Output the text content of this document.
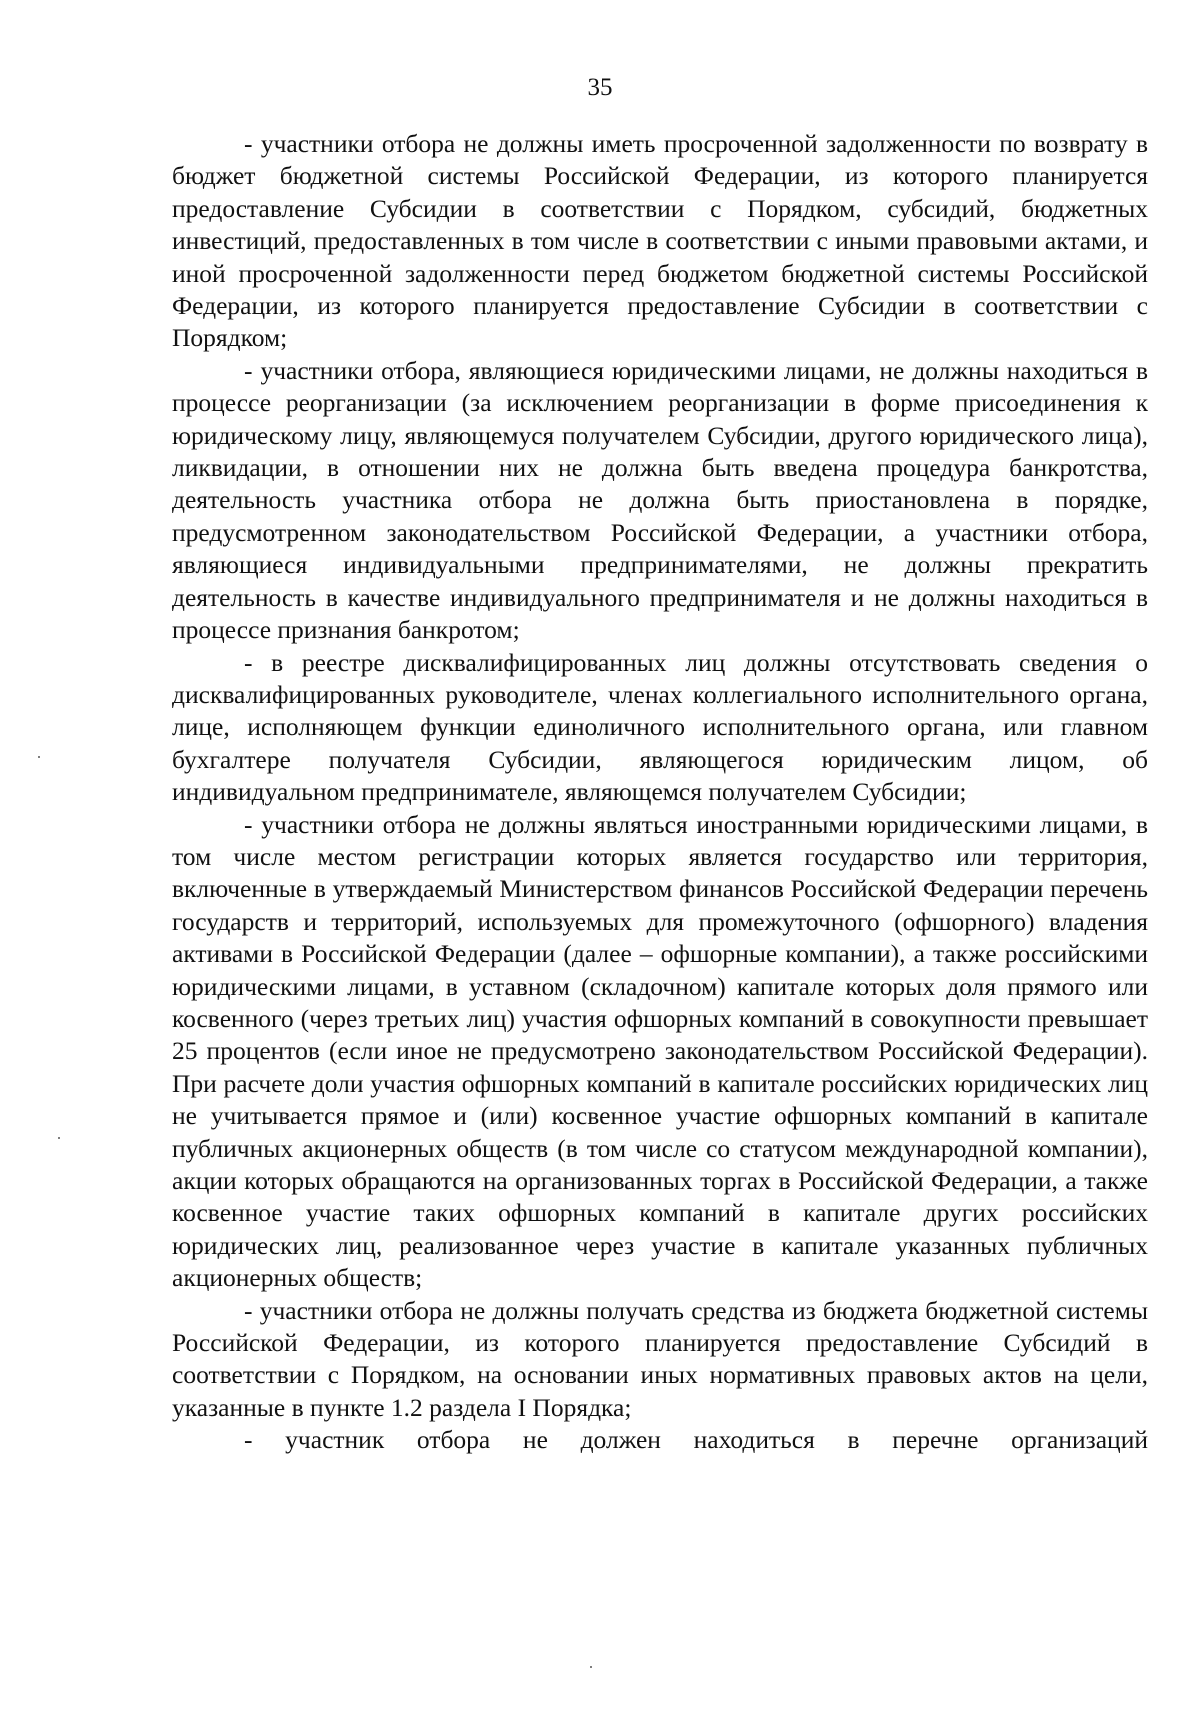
35

- участники отбора не должны иметь просроченной задолженности по возврату в бюджет бюджетной системы Российской Федерации, из которого планируется предоставление Субсидии в соответствии с Порядком, субсидий, бюджетных инвестиций, предоставленных в том числе в соответствии с иными правовыми актами, и иной просроченной задолженности перед бюджетом бюджетной системы Российской Федерации, из которого планируется предоставление Субсидии в соответствии с Порядком;

- участники отбора, являющиеся юридическими лицами, не должны находиться в процессе реорганизации (за исключением реорганизации в форме присоединения к юридическому лицу, являющемуся получателем Субсидии, другого юридического лица), ликвидации, в отношении них не должна быть введена процедура банкротства, деятельность участника отбора не должна быть приостановлена в порядке, предусмотренном законодательством Российской Федерации, а участники отбора, являющиеся индивидуальными предпринимателями, не должны прекратить деятельность в качестве индивидуального предпринимателя и не должны находиться в процессе признания банкротом;

- в реестре дисквалифицированных лиц должны отсутствовать сведения о дисквалифицированных руководителе, членах коллегиального исполнительного органа, лице, исполняющем функции единоличного исполнительного органа, или главном бухгалтере получателя Субсидии, являющегося юридическим лицом, об индивидуальном предпринимателе, являющемся получателем Субсидии;

- участники отбора не должны являться иностранными юридическими лицами, в том числе местом регистрации которых является государство или территория, включенные в утверждаемый Министерством финансов Российской Федерации перечень государств и территорий, используемых для промежуточного (офшорного) владения активами в Российской Федерации (далее – офшорные компании), а также российскими юридическими лицами, в уставном (складочном) капитале которых доля прямого или косвенного (через третьих лиц) участия офшорных компаний в совокупности превышает 25 процентов (если иное не предусмотрено законодательством Российской Федерации). При расчете доли участия офшорных компаний в капитале российских юридических лиц не учитывается прямое и (или) косвенное участие офшорных компаний в капитале публичных акционерных обществ (в том числе со статусом международной компании), акции которых обращаются на организованных торгах в Российской Федерации, а также косвенное участие таких офшорных компаний в капитале других российских юридических лиц, реализованное через участие в капитале указанных публичных акционерных обществ;

- участники отбора не должны получать средства из бюджета бюджетной системы Российской Федерации, из которого планируется предоставление Субсидий в соответствии с Порядком, на основании иных нормативных правовых актов на цели, указанные в пункте 1.2 раздела I Порядка;

- участник отбора не должен находиться в перечне организаций
